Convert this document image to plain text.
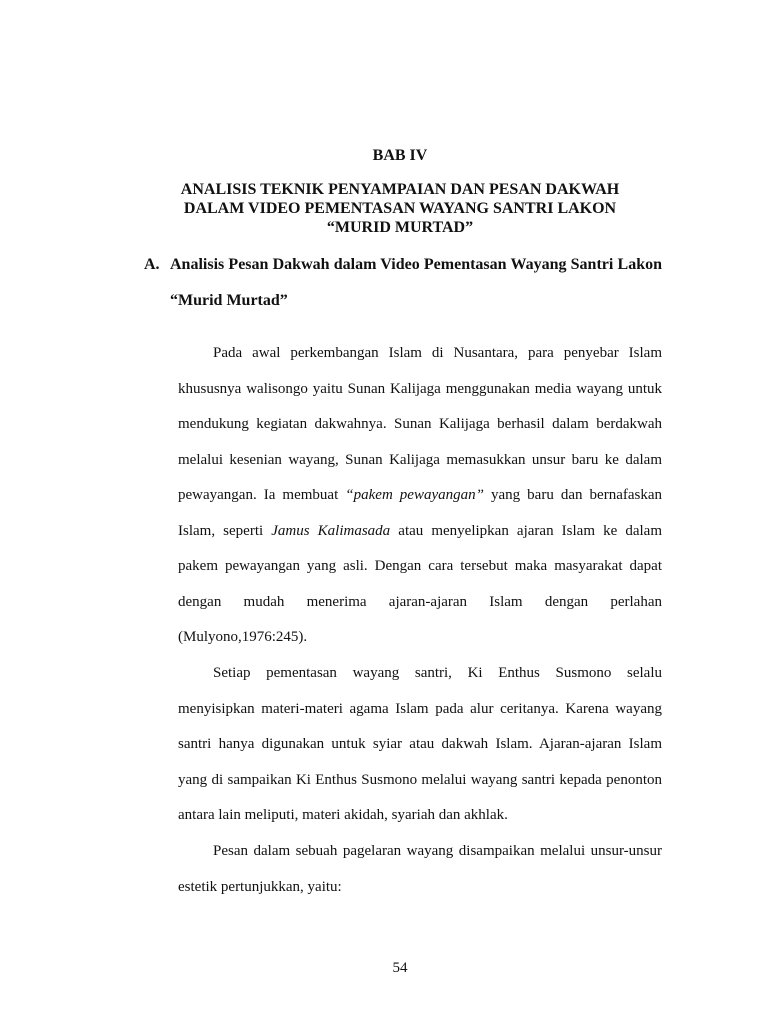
BAB IV
ANALISIS TEKNIK PENYAMPAIAN DAN PESAN DAKWAH
DALAM VIDEO PEMENTASAN WAYANG SANTRI LAKON
“MURID MURTAD”
A. Analisis Pesan Dakwah dalam Video Pementasan Wayang Santri Lakon
“Murid Murtad”
Pada awal perkembangan Islam di Nusantara, para penyebar Islam
khususnya walisongo yaitu Sunan Kalijaga menggunakan media wayang untuk
mendukung kegiatan dakwahnya. Sunan Kalijaga berhasil dalam berdakwah
melalui kesenian wayang, Sunan Kalijaga memasukkan unsur baru ke dalam
pewayangan. Ia membuat “pakem pewayangan” yang baru dan bernafaskan
Islam, seperti Jamus Kalimasada atau menyelipkan ajaran Islam ke dalam
pakem pewayangan yang asli. Dengan cara tersebut maka masyarakat dapat
dengan mudah menerima ajaran-ajaran Islam dengan perlahan
(Mulyono,1976:245).
Setiap pementasan wayang santri, Ki Enthus Susmono selalu
menyisipkan materi-materi agama Islam pada alur ceritanya. Karena wayang
santri hanya digunakan untuk syiar atau dakwah Islam. Ajaran-ajaran Islam
yang di sampaikan Ki Enthus Susmono melalui wayang santri kepada penonton
antara lain meliputi, materi akidah, syariah dan akhlak.
Pesan dalam sebuah pagelaran wayang disampaikan melalui unsur-unsur
estetik pertunjukkan, yaitu:
54
